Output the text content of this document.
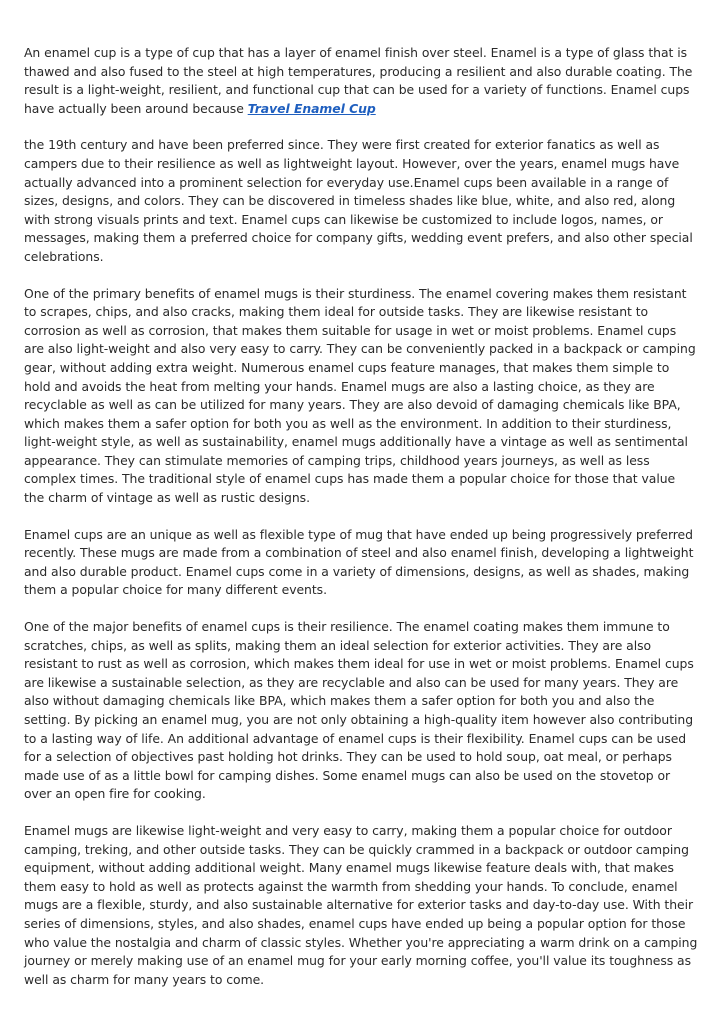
An enamel cup is a type of cup that has a layer of enamel finish over steel. Enamel is a type of glass that is thawed and also fused to the steel at high temperatures, producing a resilient and also durable coating. The result is a light-weight, resilient, and functional cup that can be used for a variety of functions. Enamel cups have actually been around because Travel Enamel Cup

the 19th century and have been preferred since. They were first created for exterior fanatics as well as campers due to their resilience as well as lightweight layout. However, over the years, enamel mugs have actually advanced into a prominent selection for everyday use.Enamel cups been available in a range of sizes, designs, and colors. They can be discovered in timeless shades like blue, white, and also red, along with strong visuals prints and text. Enamel cups can likewise be customized to include logos, names, or messages, making them a preferred choice for company gifts, wedding event prefers, and also other special celebrations.

One of the primary benefits of enamel mugs is their sturdiness. The enamel covering makes them resistant to scrapes, chips, and also cracks, making them ideal for outside tasks. They are likewise resistant to corrosion as well as corrosion, that makes them suitable for usage in wet or moist problems. Enamel cups are also light-weight and also very easy to carry. They can be conveniently packed in a backpack or camping gear, without adding extra weight. Numerous enamel cups feature manages, that makes them simple to hold and avoids the heat from melting your hands. Enamel mugs are also a lasting choice, as they are recyclable as well as can be utilized for many years. They are also devoid of damaging chemicals like BPA, which makes them a safer option for both you as well as the environment. In addition to their sturdiness, light-weight style, as well as sustainability, enamel mugs additionally have a vintage as well as sentimental appearance. They can stimulate memories of camping trips, childhood years journeys, as well as less complex times. The traditional style of enamel cups has made them a popular choice for those that value the charm of vintage as well as rustic designs.

Enamel cups are an unique as well as flexible type of mug that have ended up being progressively preferred recently. These mugs are made from a combination of steel and also enamel finish, developing a lightweight and also durable product. Enamel cups come in a variety of dimensions, designs, as well as shades, making them a popular choice for many different events.

One of the major benefits of enamel cups is their resilience. The enamel coating makes them immune to scratches, chips, as well as splits, making them an ideal selection for exterior activities. They are also resistant to rust as well as corrosion, which makes them ideal for use in wet or moist problems. Enamel cups are likewise a sustainable selection, as they are recyclable and also can be used for many years. They are also without damaging chemicals like BPA, which makes them a safer option for both you and also the setting. By picking an enamel mug, you are not only obtaining a high-quality item however also contributing to a lasting way of life. An additional advantage of enamel cups is their flexibility. Enamel cups can be used for a selection of objectives past holding hot drinks. They can be used to hold soup, oat meal, or perhaps made use of as a little bowl for camping dishes. Some enamel mugs can also be used on the stovetop or over an open fire for cooking.

Enamel mugs are likewise light-weight and very easy to carry, making them a popular choice for outdoor camping, treking, and other outside tasks. They can be quickly crammed in a backpack or outdoor camping equipment, without adding additional weight. Many enamel mugs likewise feature deals with, that makes them easy to hold as well as protects against the warmth from shedding your hands. To conclude, enamel mugs are a flexible, sturdy, and also sustainable alternative for exterior tasks and day-to-day use. With their series of dimensions, styles, and also shades, enamel cups have ended up being a popular option for those who value the nostalgia and charm of classic styles. Whether you're appreciating a warm drink on a camping journey or merely making use of an enamel mug for your early morning coffee, you'll value its toughness as well as charm for many years to come.
